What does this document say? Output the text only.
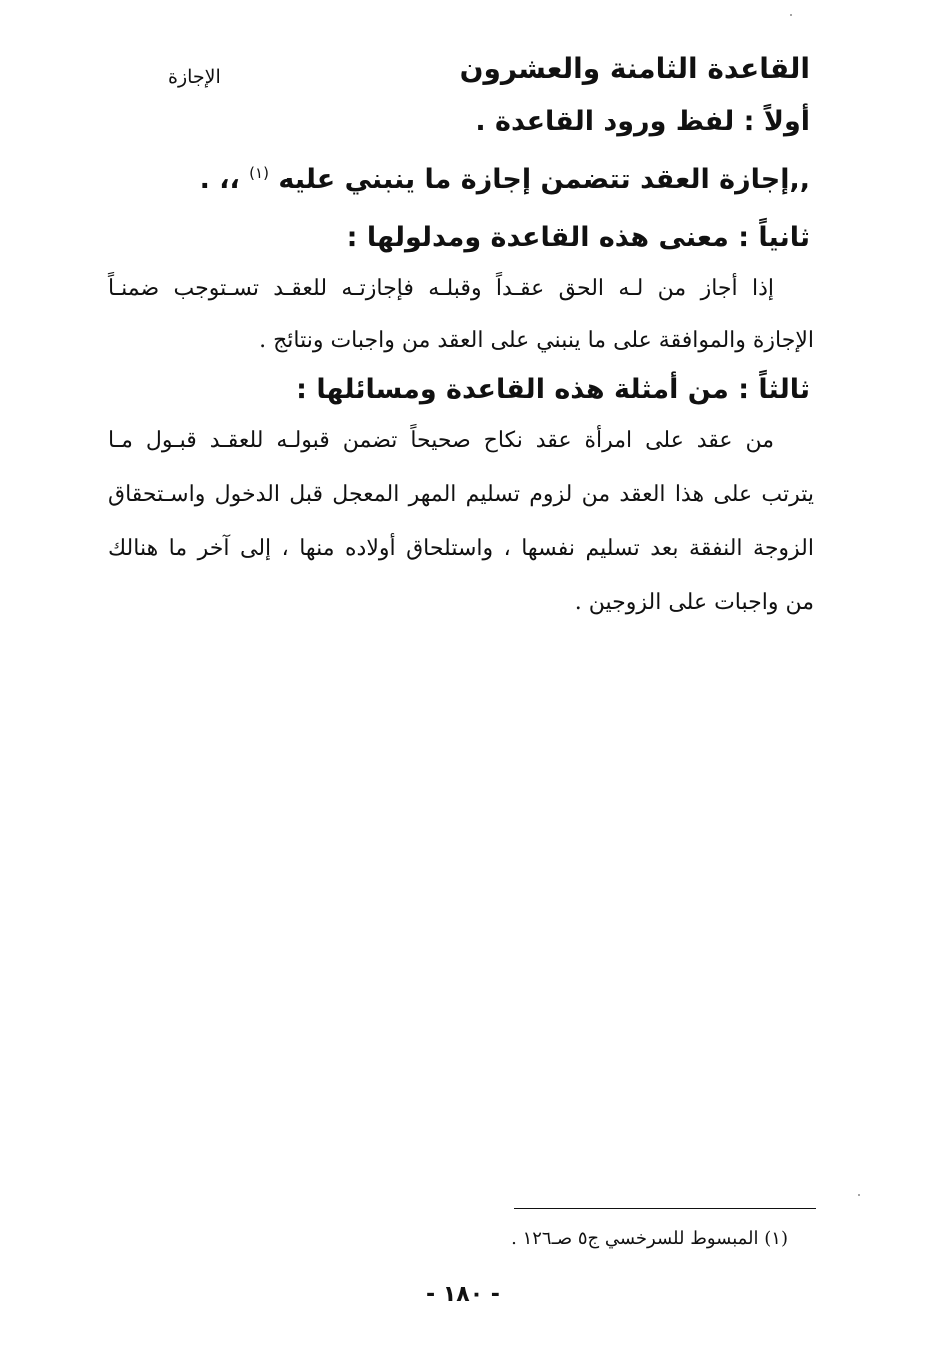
القاعدة الثامنة والعشرون
الإجازة
أولاً : لفظ ورود القاعدة .
,,إجازة العقد تتضمن إجازة ما ينبني عليه $^{(١)}$ ،، .
ثانياً : معنى هذه القاعدة ومدلولها :
إذا أجاز من لـه الحق عقـداً وقبلـه فإجازتـه للعقـد تسـتوجب ضمنـاً
الإجازة والموافقة على ما ينبني على العقد من واجبات ونتائج .
ثالثاً : من أمثلة هذه القاعدة ومسائلها :
من عقد على امرأة عقد نكاح صحيحاً تضمن قبولـه للعقـد قبـول مـا
يترتب على هذا العقد من لزوم تسليم المهر المعجل قبل الدخول واسـتحقاق
الزوجة النفقة بعد تسليم نفسها ، واستلحاق أولاده منها ، إلى آخر ما هنالك
من واجبات على الزوجين .
(١) المبسوط للسرخسي ج٥ صـ١٢٦ .
- ١٨٠ -
